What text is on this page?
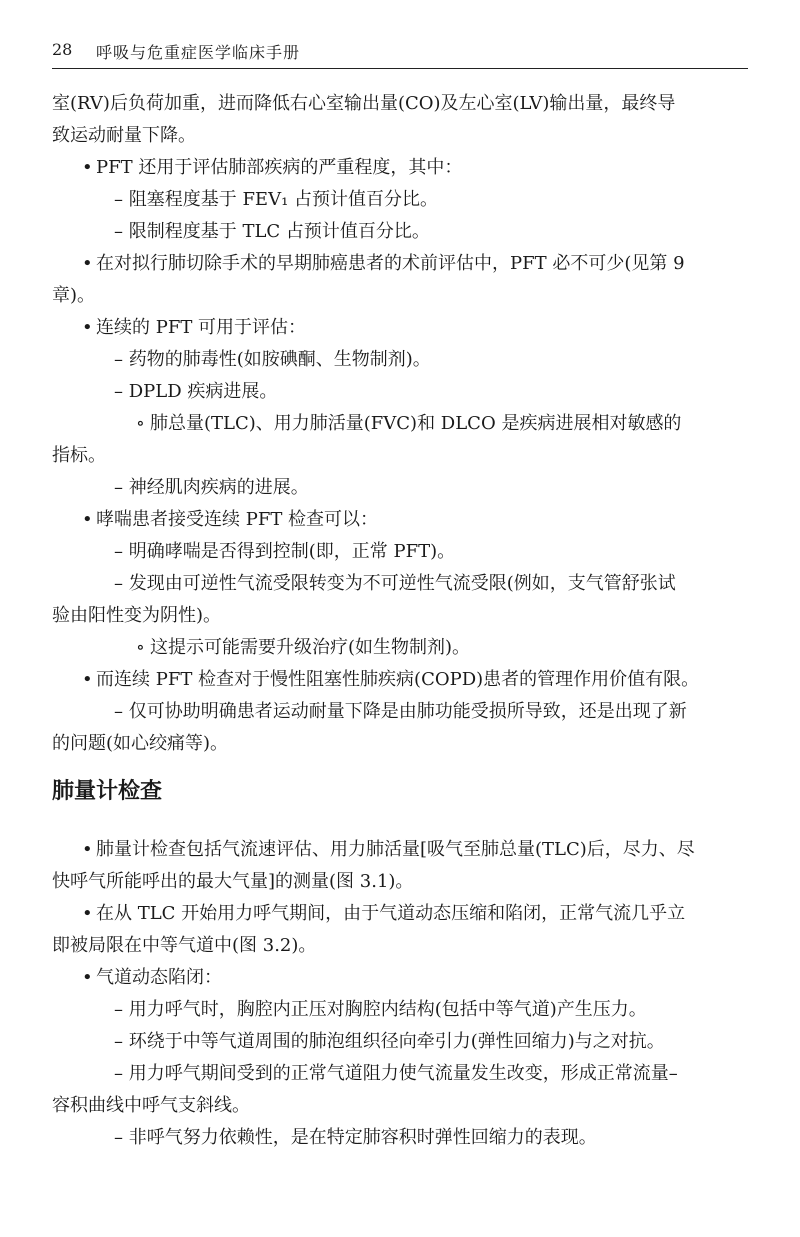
28 呼吸与危重症医学临床手册

室(RV)后负荷加重，进而降低右心室输出量(CO)及左心室(LV)输出量，最终导

致运动耐量下降。

• PFT 还用于评估肺部疾病的严重程度，其中：

– 阻塞程度基于 FEV₁ 占预计值百分比。

– 限制程度基于 TLC 占预计值百分比。

• 在对拟行肺切除手术的早期肺癌患者的术前评估中，PFT 必不可少(见第 9

章)。

• 连续的 PFT 可用于评估：

– 药物的肺毒性(如胺碘酮、生物制剂)。

– DPLD 疾病进展。

∘ 肺总量(TLC)、用力肺活量(FVC)和 DLCO 是疾病进展相对敏感的

指标。

– 神经肌肉疾病的进展。

• 哮喘患者接受连续 PFT 检查可以：

– 明确哮喘是否得到控制(即，正常 PFT)。

– 发现由可逆性气流受限转变为不可逆性气流受限(例如，支气管舒张试

验由阳性变为阴性)。

∘ 这提示可能需要升级治疗(如生物制剂)。

• 而连续 PFT 检查对于慢性阻塞性肺疾病(COPD)患者的管理作用价值有限。

– 仅可协助明确患者运动耐量下降是由肺功能受损所导致，还是出现了新

的问题(如心绞痛等)。

肺量计检查

• 肺量计检查包括气流速评估、用力肺活量[吸气至肺总量(TLC)后，尽力、尽

快呼气所能呼出的最大气量]的测量(图 3.1)。

• 在从 TLC 开始用力呼气期间，由于气道动态压缩和陷闭，正常气流几乎立

即被局限在中等气道中(图 3.2)。

• 气道动态陷闭：

– 用力呼气时，胸腔内正压对胸腔内结构(包括中等气道)产生压力。

– 环绕于中等气道周围的肺泡组织径向牵引力(弹性回缩力)与之对抗。

– 用力呼气期间受到的正常气道阻力使气流量发生改变，形成正常流量–

容积曲线中呼气支斜线。

– 非呼气努力依赖性，是在特定肺容积时弹性回缩力的表现。
